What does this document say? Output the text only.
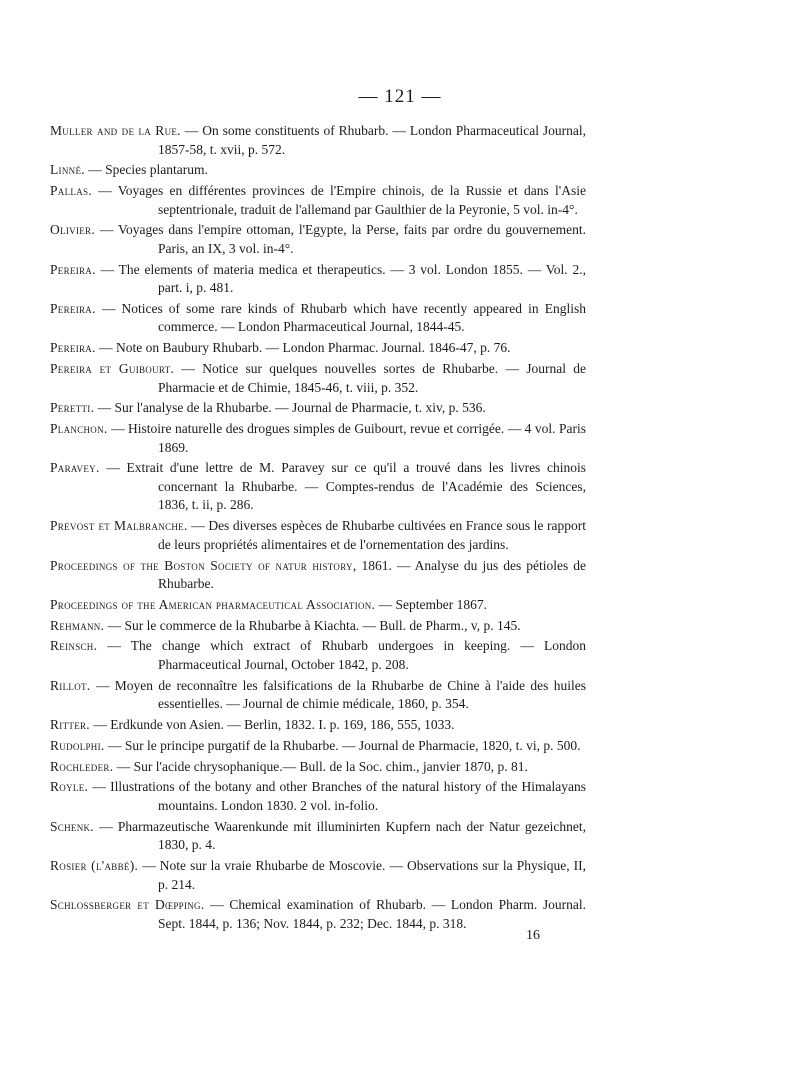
— 121 —

Muller and de la Rue. — On some constituents of Rhubarb. — London Pharmaceutical Journal, 1857-58, t. xvii, p. 572.

Linné. — Species plantarum.

Pallas. — Voyages en différentes provinces de l'Empire chinois, de la Russie et dans l'Asie septentrionale, traduit de l'allemand par Gaulthier de la Peyronie, 5 vol. in-4°.

Olivier. — Voyages dans l'empire ottoman, l'Egypte, la Perse, faits par ordre du gouvernement. Paris, an IX, 3 vol. in-4°.

Pereira. — The elements of materia medica et therapeutics. — 3 vol. London 1855. — Vol. 2., part. i, p. 481.

Pereira. — Notices of some rare kinds of Rhubarb which have recently appeared in English commerce. — London Pharmaceutical Journal, 1844-45.

Pereira. — Note on Baubury Rhubarb. — London Pharmac. Journal. 1846-47, p. 76.

Pereira et Guibourt. — Notice sur quelques nouvelles sortes de Rhubarbe. — Journal de Pharmacie et de Chimie, 1845-46, t. viii, p. 352.

Peretti. — Sur l'analyse de la Rhubarbe. — Journal de Pharmacie, t. xiv, p. 536.

Planchon. — Histoire naturelle des drogues simples de Guibourt, revue et corrigée. — 4 vol. Paris 1869.

Paravey. — Extrait d'une lettre de M. Paravey sur ce qu'il a trouvé dans les livres chinois concernant la Rhubarbe. — Comptes-rendus de l'Académie des Sciences, 1836, t. ii, p. 286.

Prevost et Malbranche. — Des diverses espèces de Rhubarbe cultivées en France sous le rapport de leurs propriétés alimentaires et de l'ornementation des jardins.

Proceedings of the Boston Society of natur history, 1861. — Analyse du jus des pétioles de Rhubarbe.

Proceedings of the American pharmaceutical Association. — September 1867.

Rehmann. — Sur le commerce de la Rhubarbe à Kiachta. — Bull. de Pharm., v, p. 145.

Reinsch. — The change which extract of Rhubarb undergoes in keeping. — London Pharmaceutical Journal, October 1842, p. 208.

Rillot. — Moyen de reconnaître les falsifications de la Rhubarbe de Chine à l'aide des huiles essentielles. — Journal de chimie médicale, 1860, p. 354.

Ritter. — Erdkunde von Asien. — Berlin, 1832. I. p. 169, 186, 555, 1033.

Rudolphi. — Sur le principe purgatif de la Rhubarbe. — Journal de Pharmacie, 1820, t. vi, p. 500.

Rochleder. — Sur l'acide chrysophanique.— Bull. de la Soc. chim., janvier 1870, p. 81.

Royle. — Illustrations of the botany and other Branches of the natural history of the Himalayans mountains. London 1830. 2 vol. in-folio.

Schenk. — Pharmazeutische Waarenkunde mit illuminirten Kupfern nach der Natur gezeichnet, 1830, p. 4.

Rosier (l'abbé). — Note sur la vraie Rhubarbe de Moscovie. — Observations sur la Physique, II, p. 214.

Schlossberger et Dœpping. — Chemical examination of Rhubarb. — London Pharm. Journal. Sept. 1844, p. 136; Nov. 1844, p. 232; Dec. 1844, p. 318.

16
